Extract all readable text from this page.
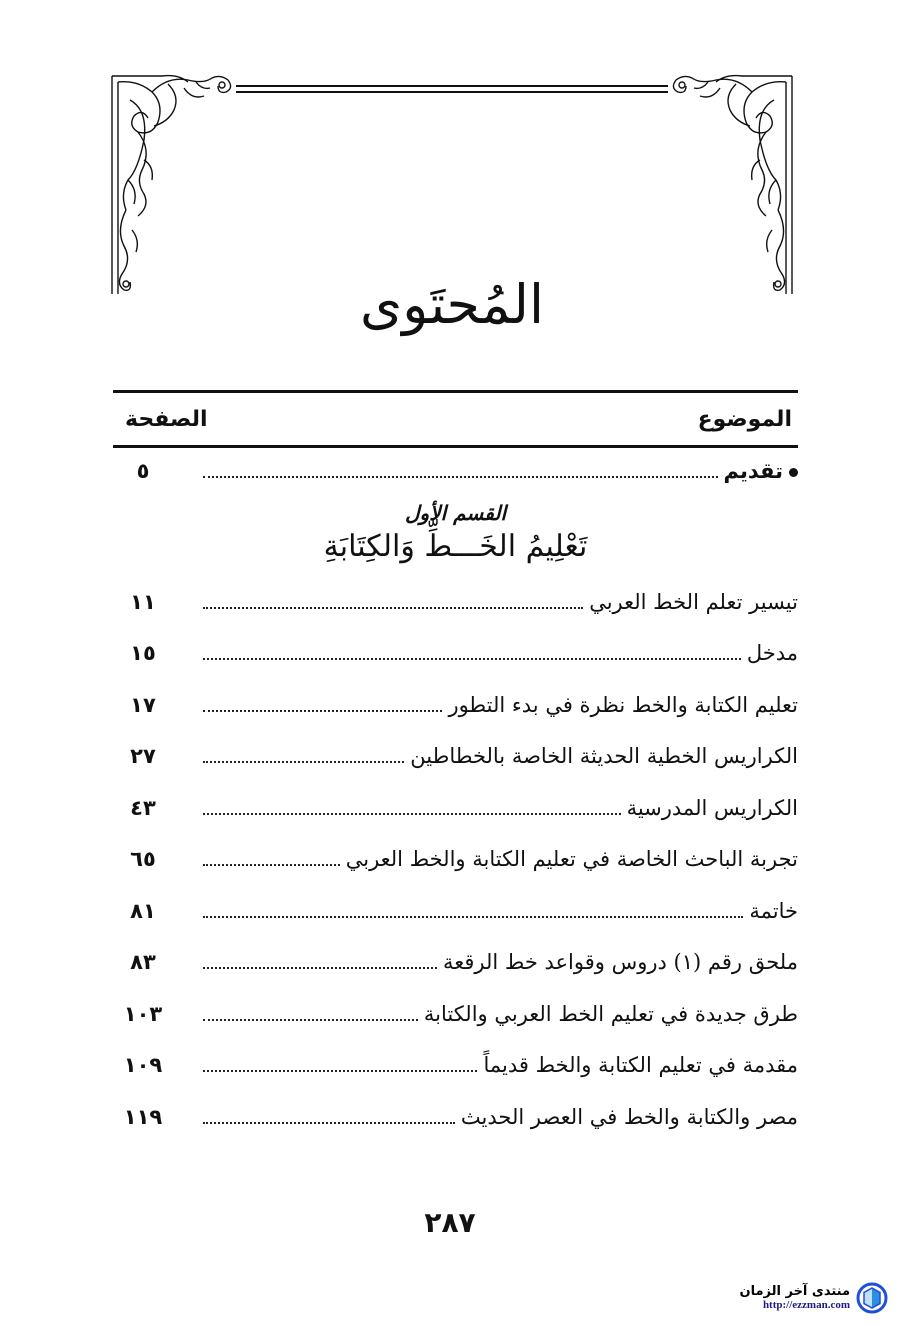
المُحتَوى
الموضوع
الصفحة
تقديم
٥
القسم الأول
تَعْلِيمُ الخَـــطِّ وَالكِتَابَةِ
تيسير تعلم الخط العربي
١١
مدخل
١٥
تعليم الكتابة والخط نظرة في بدء التطور
١٧
الكراريس الخطية الحديثة الخاصة بالخطاطين
٢٧
الكراريس المدرسية
٤٣
تجربة الباحث الخاصة في تعليم الكتابة والخط العربي
٦٥
خاتمة
٨١
ملحق رقم (١) دروس وقواعد خط الرقعة
٨٣
طرق جديدة في تعليم الخط العربي والكتابة
١٠٣
مقدمة في تعليم الكتابة والخط قديماً
١٠٩
مصر والكتابة والخط في العصر الحديث
١١٩
٢٨٧
منتدى آخر الزمان
http://ezzman.com
